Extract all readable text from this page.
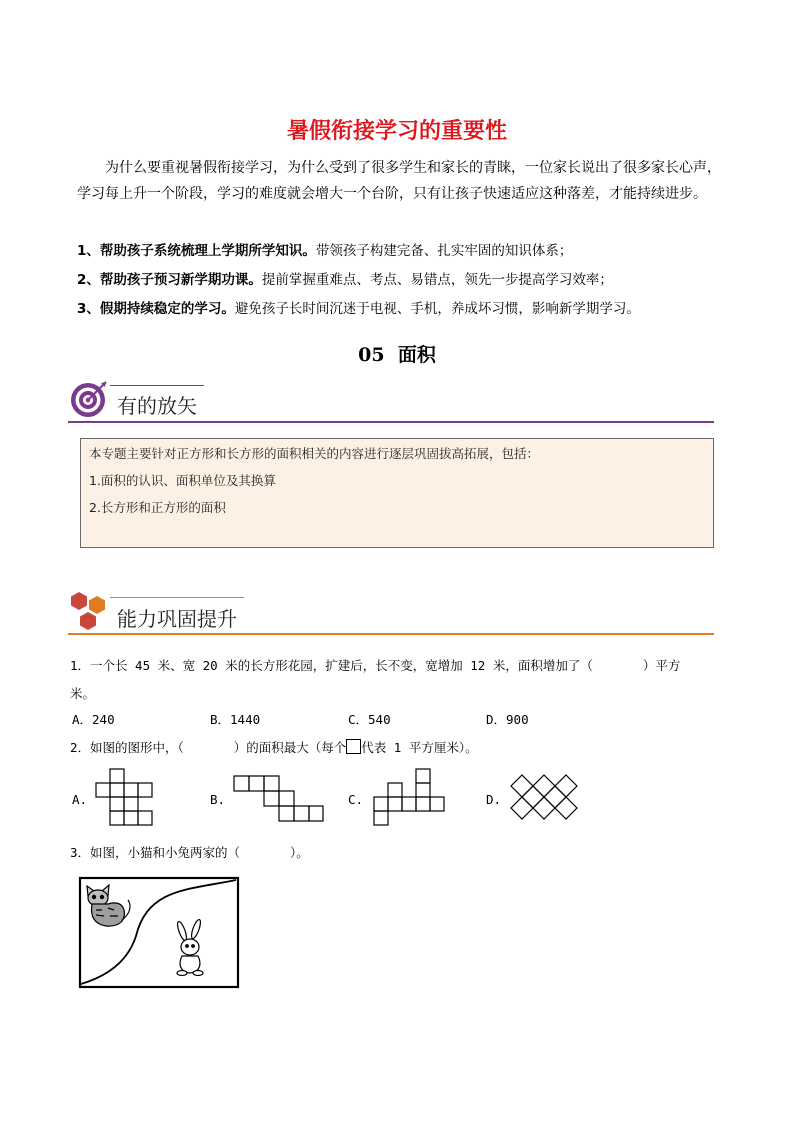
暑假衔接学习的重要性
为什么要重视暑假衔接学习，为什么受到了很多学生和家长的青睐，一位家长说出了很多家长心声，学习每上升一个阶段，学习的难度就会增大一个台阶，只有让孩子快速适应这种落差，才能持续进步。
1、帮助孩子系统梳理上学期所学知识。带领孩子构建完备、扎实牢固的知识体系；
2、帮助孩子预习新学期功课。提前掌握重难点、考点、易错点，领先一步提高学习效率；
3、假期持续稳定的学习。避免孩子长时间沉迷于电视、手机，养成坏习惯，影响新学期学习。
05 面积
有的放矢

本专题主要针对正方形和长方形的面积相关的内容进行逐层巩固拔高拓展，包括：

1.面积的认识、面积单位及其换算

2.长方形和正方形的面积

能力巩固提升
1．一个长 45 米、宽 20 米的长方形花园，扩建后，长不变，宽增加 12 米，面积增加了（　　　　）平方
米。
A．240	B．1440	C．540	D．900
2．如图的图形中，（　　　　）的面积最大（每个 代表 1 平方厘米）。
A.	B.	C.	D.
3．如图，小猫和小兔两家的（　　　　）。
